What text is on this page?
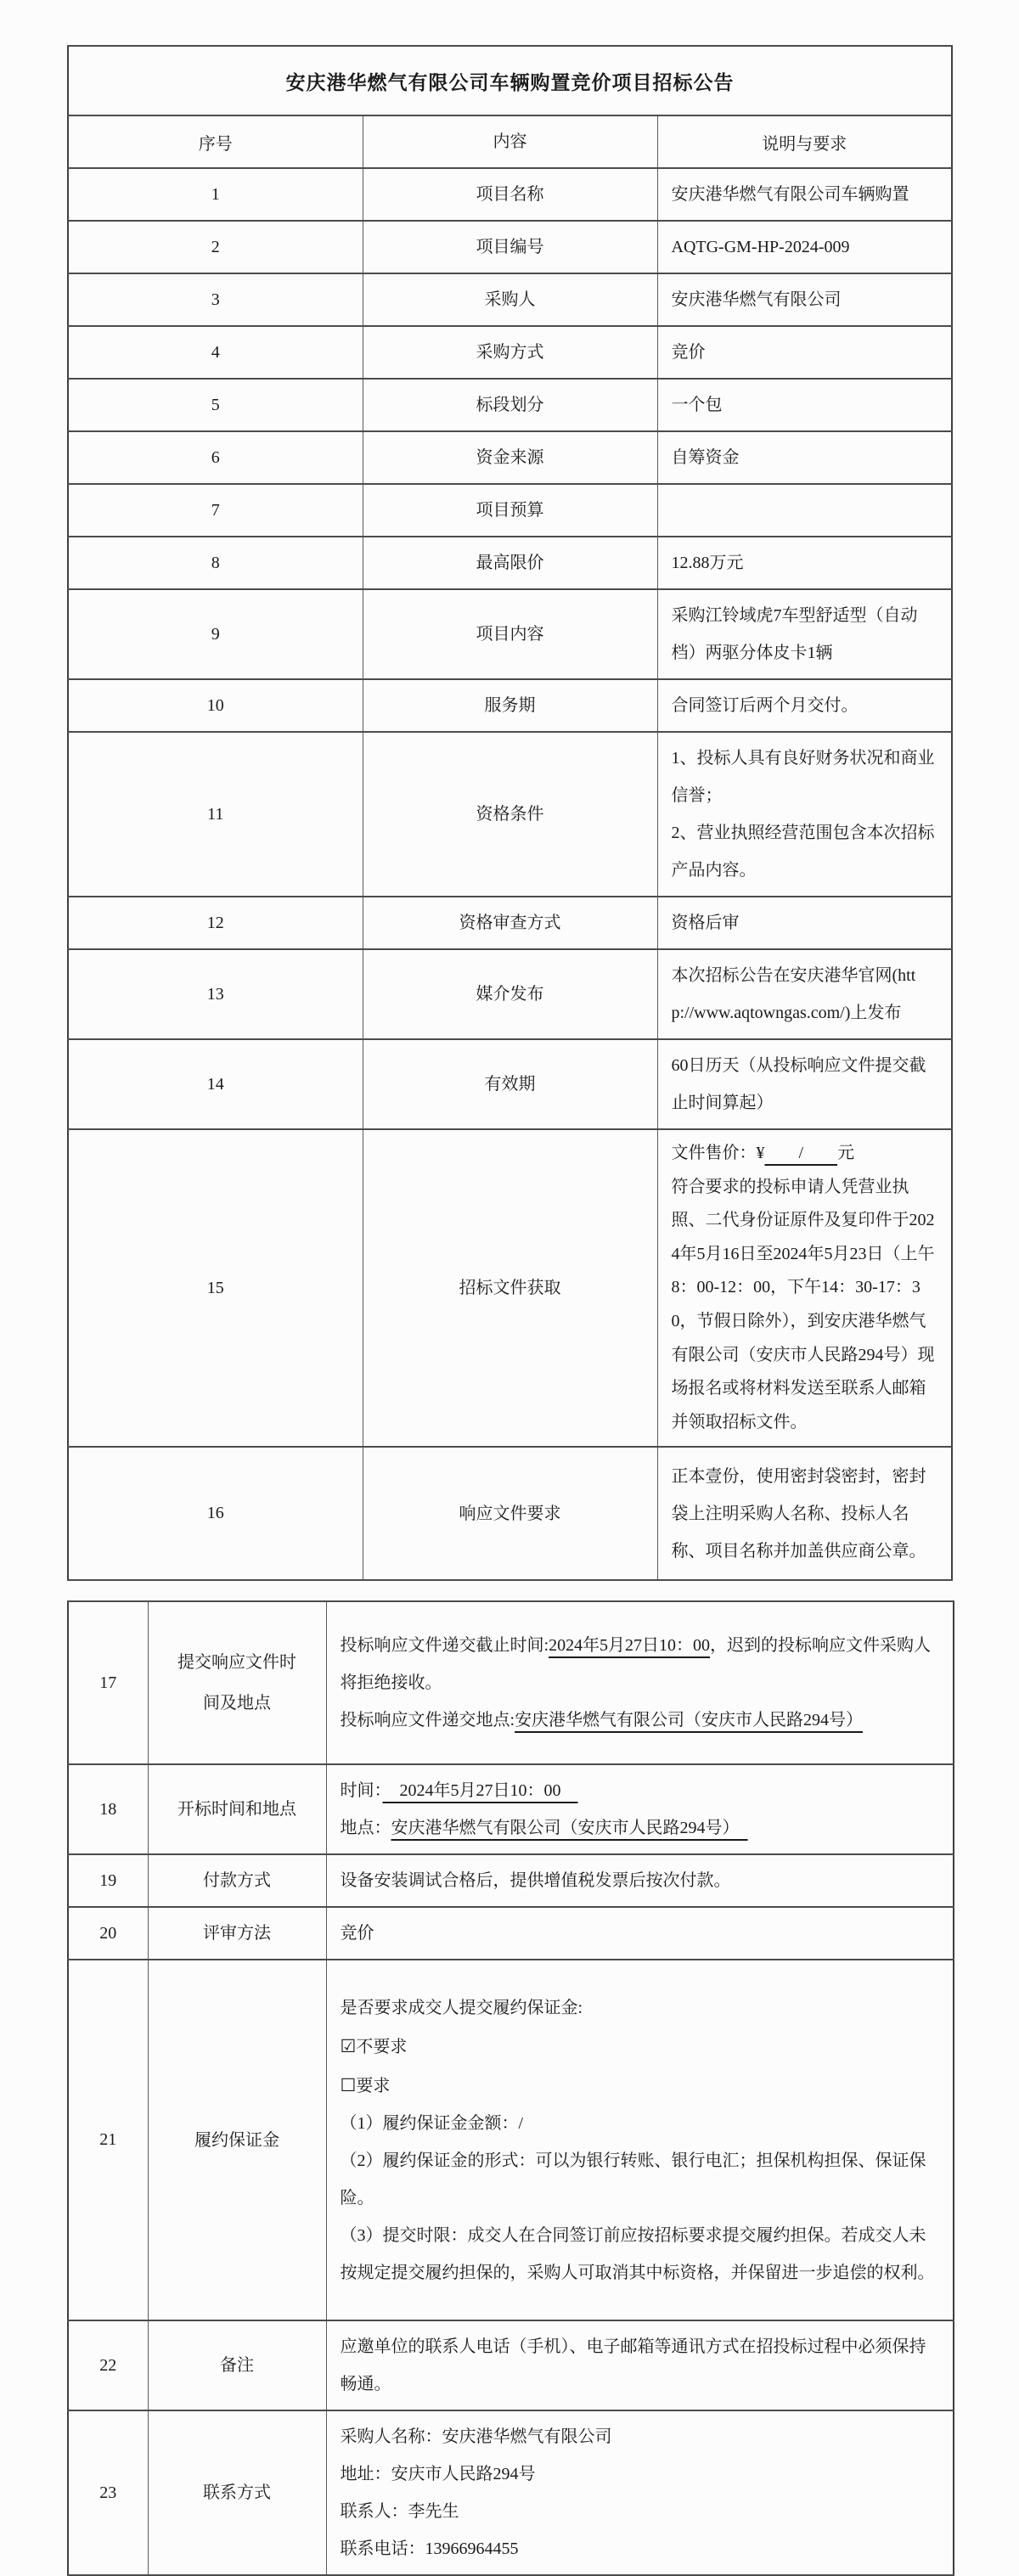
安庆港华燃气有限公司车辆购置竞价项目招标公告		
序号	内容	说明与要求
1	项目名称	安庆港华燃气有限公司车辆购置

2	项目编号	AQTG-GM-HP-2024-009

3	采购人	安庆港华燃气有限公司

4	采购方式	竞价

5	标段划分	一个包

6	资金来源	自筹资金

7	项目预算	
8	最高限价	12.88万元

9	项目内容	采购江铃域虎7车型舒适型（自动档）两驱分体皮卡1辆

10	服务期	合同签订后两个月交付。

11	资格条件	1、投标人具有良好财务状况和商业信誉；
2、营业执照经营范围包含本次招标产品内容。

12	资格审查方式	资格后审

13	媒介发布	本次招标公告在安庆港华官网(http://www.aqtowngas.com/)上发布

14	有效期	60日历天（从投标响应文件提交截止时间算起）

15	招标文件获取	文件售价：¥　　/　　元
符合要求的投标申请人凭营业执照、二代身份证原件及复印件于2024年5月16日至2024年5月23日（上午8：00-12：00，下午14：30-17：30，节假日除外），到安庆港华燃气有限公司（安庆市人民路294号）现场报名或将材料发送至联系人邮箱并领取招标文件。

16	响应文件要求	正本壹份，使用密封袋密封，密封袋上注明采购人名称、投标人名称、项目名称并加盖供应商公章。
17	提交响应文件时间及地点	投标响应文件递交截止时间:2024年5月27日10：00，迟到的投标响应文件采购人将拒绝接收。
投标响应文件递交地点:安庆港华燃气有限公司（安庆市人民路294号）

18	开标时间和地点	时间：　2024年5月27日10：00　
地点：安庆港华燃气有限公司（安庆市人民路294号）　

19	付款方式	设备安装调试合格后，提供增值税发票后按次付款。

20	评审方法	竞价

21	履约保证金	
是否要求成交人提交履约保证金:
☑不要求
☐要求
（1）履约保证金金额：/
（2）履约保证金的形式：可以为银行转账、银行电汇；担保机构担保、保证保险。
（3）提交时限：成交人在合同签订前应按招标要求提交履约担保。若成交人未按规定提交履约担保的，采购人可取消其中标资格，并保留进一步追偿的权利。

22	备注	应邀单位的联系人电话（手机）、电子邮箱等通讯方式在招投标过程中必须保持畅通。

23	联系方式	采购人名称：安庆港华燃气有限公司
地址：安庆市人民路294号
联系人：李先生
联系电话：13966964455
